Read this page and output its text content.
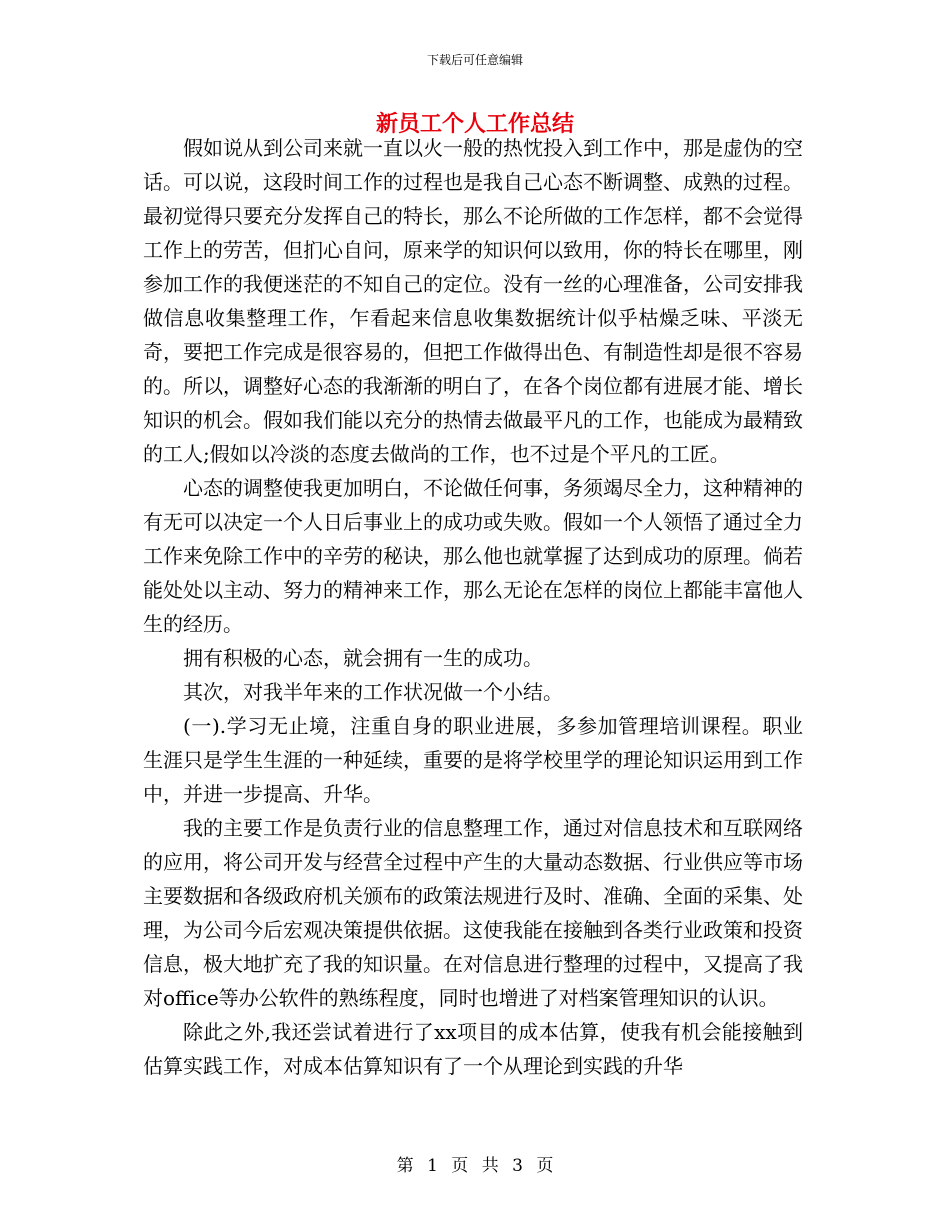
下载后可任意编辑
新员工个人工作总结

假如说从到公司来就一直以火一般的热忱投入到工作中，那是虚伪的空话。可以说，这段时间工作的过程也是我自己心态不断调整、成熟的过程。最初觉得只要充分发挥自己的特长，那么不论所做的工作怎样，都不会觉得工作上的劳苦，但扪心自问，原来学的知识何以致用，你的特长在哪里，刚参加工作的我便迷茫的不知自己的定位。没有一丝的心理准备，公司安排我做信息收集整理工作，乍看起来信息收集数据统计似乎枯燥乏味、平淡无奇，要把工作完成是很容易的，但把工作做得出色、有制造性却是很不容易的。所以，调整好心态的我渐渐的明白了，在各个岗位都有进展才能、增长知识的机会。假如我们能以充分的热情去做最平凡的工作，也能成为最精致的工人;假如以冷淡的态度去做尚的工作，也不过是个平凡的工匠。

心态的调整使我更加明白，不论做任何事，务须竭尽全力，这种精神的有无可以决定一个人日后事业上的成功或失败。假如一个人领悟了通过全力工作来免除工作中的辛劳的秘诀，那么他也就掌握了达到成功的原理。倘若能处处以主动、努力的精神来工作，那么无论在怎样的岗位上都能丰富他人生的经历。

拥有积极的心态，就会拥有一生的成功。

其次，对我半年来的工作状况做一个小结。

(一).学习无止境，注重自身的职业进展，多参加管理培训课程。职业生涯只是学生生涯的一种延续，重要的是将学校里学的理论知识运用到工作中，并进一步提高、升华。

我的主要工作是负责行业的信息整理工作，通过对信息技术和互联网络的应用，将公司开发与经营全过程中产生的大量动态数据、行业供应等市场主要数据和各级政府机关颁布的政策法规进行及时、准确、全面的采集、处理，为公司今后宏观决策提供依据。这使我能在接触到各类行业政策和投资信息，极大地扩充了我的知识量。在对信息进行整理的过程中，又提高了我对office等办公软件的熟练程度，同时也增进了对档案管理知识的认识。

除此之外,我还尝试着进行了xx项目的成本估算，使我有机会能接触到估算实践工作，对成本估算知识有了一个从理论到实践的升华

第 1 页 共 3 页
